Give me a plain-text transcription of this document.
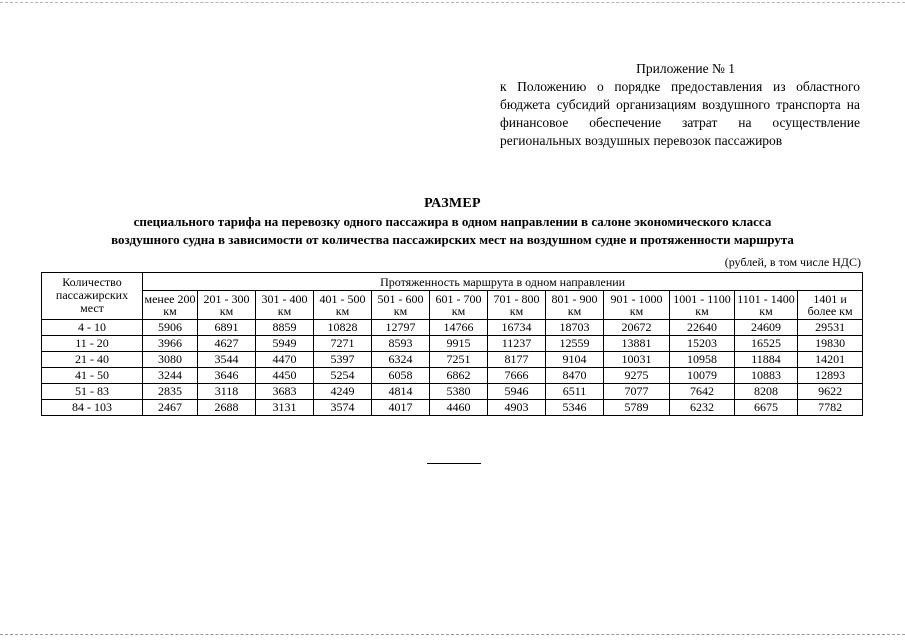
Приложение № 1
к Положению о порядке предоставления из областного бюджета субсидий организациям воздушного транспорта на финансовое обеспечение затрат на осуществление региональных воздушных перевозок пассажиров
РАЗМЕР
специального тарифа на перевозку одного пассажира в одном направлении в салоне экономического класса
воздушного судна в зависимости от количества пассажирских мест на воздушном судне и протяженности маршрута
(рублей, в том числе НДС)
Количество пассажирских мест	Протяженность маршрута в одном направлении											
	менее 200 км	201 - 300 км	301 - 400 км	401 - 500 км	501 - 600 км	601 - 700 км	701 - 800 км	801 - 900 км	901 - 1000 км	1001 - 1100 км	1101 - 1400 км	1401 и более км
4 - 10	5906	6891	8859	10828	12797	14766	16734	18703	20672	22640	24609	29531
11 - 20	3966	4627	5949	7271	8593	9915	11237	12559	13881	15203	16525	19830
21 - 40	3080	3544	4470	5397	6324	7251	8177	9104	10031	10958	11884	14201
41 - 50	3244	3646	4450	5254	6058	6862	7666	8470	9275	10079	10883	12893
51 - 83	2835	3118	3683	4249	4814	5380	5946	6511	7077	7642	8208	9622
84 - 103	2467	2688	3131	3574	4017	4460	4903	5346	5789	6232	6675	7782
